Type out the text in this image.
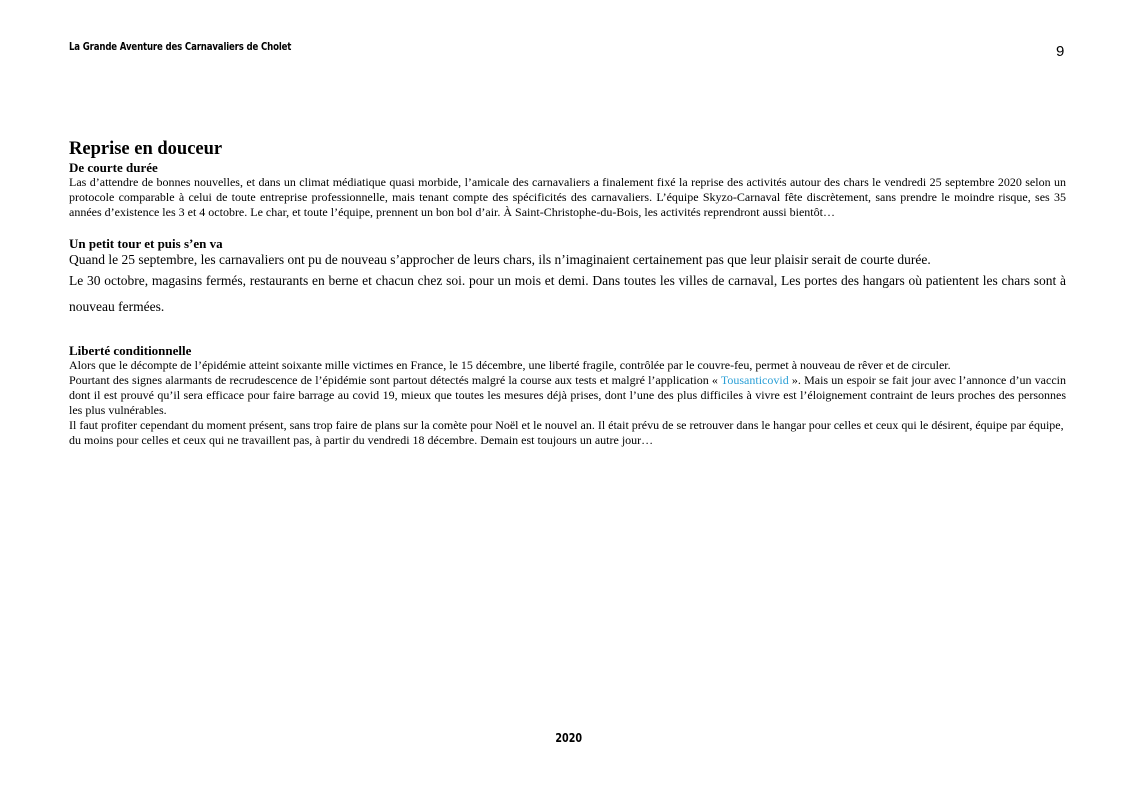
La Grande Aventure des Carnavaliers de Cholet	9
Reprise en douceur
De courte durée

Las d’attendre de bonnes nouvelles, et dans un climat médiatique quasi morbide, l’amicale des carnavaliers a finalement fixé la reprise des activités autour des chars le vendredi 25 septembre 2020 selon un protocole comparable à celui de toute entreprise professionnelle, mais tenant compte des spécificités des carnavaliers. L’équipe Skyzo-Carnaval fête discrètement, sans prendre le moindre risque, ses 35 années d’existence les 3 et 4 octobre. Le char, et toute l’équipe, prennent un bon bol d’air. À Saint-Christophe-du-Bois, les activités reprendront aussi bientôt…

Un petit tour et puis s’en va

Quand le 25 septembre, les carnavaliers ont pu de nouveau s’approcher de leurs chars, ils n’imaginaient certainement pas que leur plaisir serait de courte durée.

Le 30 octobre, magasins fermés, restaurants en berne et chacun chez soi. pour un mois et demi. Dans toutes les villes de carnaval, Les portes des hangars où patientent les chars sont à nouveau fermées.

Liberté conditionnelle

Alors que le décompte de l’épidémie atteint soixante mille victimes en France, le 15 décembre, une liberté fragile, contrôlée par le couvre-feu, permet à nouveau de rêver et de circuler.

Pourtant des signes alarmants de recrudescence de l’épidémie sont partout détectés malgré la course aux tests et malgré l’application « Tousanticovid ». Mais un espoir se fait jour avec l’annonce d’un vaccin dont il est prouvé qu’il sera efficace pour faire barrage au covid 19, mieux que toutes les mesures déjà prises, dont l’une des plus difficiles à vivre est l’éloignement contraint de leurs proches des personnes les plus vulnérables.

Il faut profiter cependant du moment présent, sans trop faire de plans sur la comète pour Noël et le nouvel an. Il était prévu de se retrouver dans le hangar pour celles et ceux qui le désirent, équipe par équipe, du moins pour celles et ceux qui ne travaillent pas, à partir du vendredi 18 décembre. Demain est toujours un autre jour…

2020
